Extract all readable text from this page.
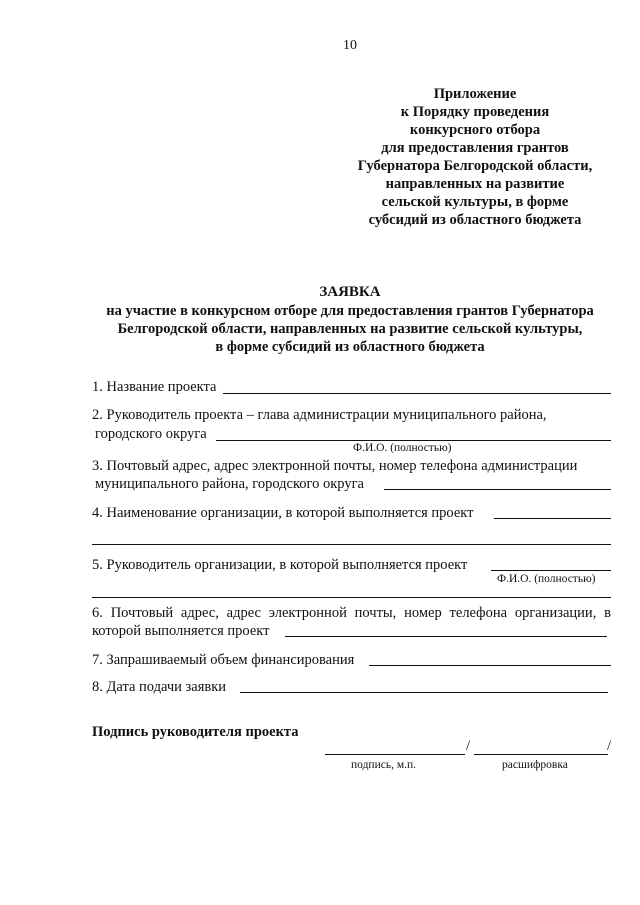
10
Приложение
к Порядку проведения
конкурсного отбора
для предоставления грантов
Губернатора Белгородской области,
направленных на развитие
сельской культуры, в форме
субсидий из областного бюджета
ЗАЯВКА
на участие в конкурсном отборе для предоставления грантов Губернатора
Белгородской области, направленных на развитие сельской культуры,
в форме субсидий из областного бюджета
1. Название проекта
2. Руководитель проекта – глава администрации муниципального района,
городского округа
Ф.И.О. (полностью)
3. Почтовый адрес, адрес электронной почты, номер телефона администрации
муниципального района, городского округа
4. Наименование организации, в которой выполняется проект
5. Руководитель организации, в которой выполняется проект
Ф.И.О. (полностью)
6. Почтовый адрес, адрес электронной почты, номер телефона организации, в
которой выполняется проект
7. Запрашиваемый объем финансирования
8. Дата подачи заявки
Подпись руководителя проекта
/	/
подпись, м.п.	расшифровка
